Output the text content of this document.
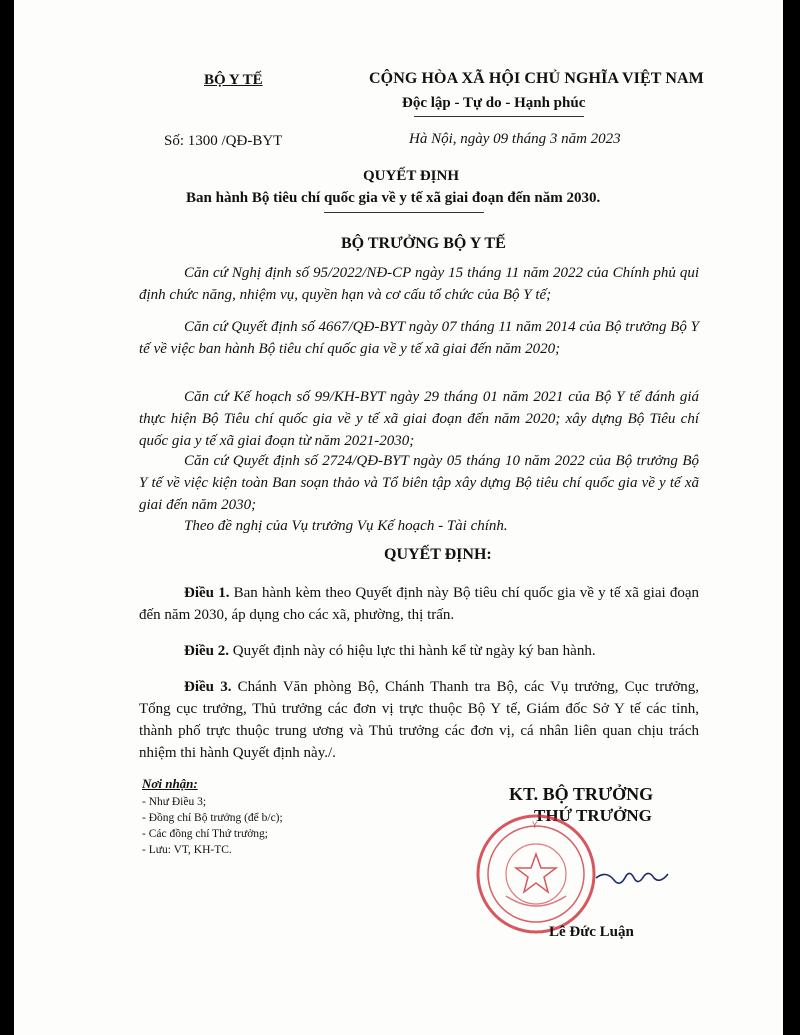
BỘ Y TẾ	CỘNG HÒA XÃ HỘI CHỦ NGHĨA VIỆT NAM
Độc lập - Tự do - Hạnh phúc
Số: 1300 /QĐ-BYT	Hà Nội, ngày 09 tháng 3 năm 2023
QUYẾT ĐỊNH
Ban hành Bộ tiêu chí quốc gia về y tế xã giai đoạn đến năm 2030.
BỘ TRƯỞNG BỘ Y TẾ
Căn cứ Nghị định số 95/2022/NĐ-CP ngày 15 tháng 11 năm 2022 của Chính phủ qui định chức năng, nhiệm vụ, quyền hạn và cơ cấu tổ chức của Bộ Y tế;
Căn cứ Quyết định số 4667/QĐ-BYT ngày 07 tháng 11 năm 2014 của Bộ trưởng Bộ Y tế về việc ban hành Bộ tiêu chí quốc gia về y tế xã giai đến năm 2020;
Căn cứ Kế hoạch số 99/KH-BYT ngày 29 tháng 01 năm 2021 của Bộ Y tế đánh giá thực hiện Bộ Tiêu chí quốc gia về y tế xã giai đoạn đến năm 2020; xây dựng Bộ Tiêu chí quốc gia y tế xã giai đoạn từ năm 2021-2030;
Căn cứ Quyết định số 2724/QĐ-BYT ngày 05 tháng 10 năm 2022 của Bộ trưởng Bộ Y tế về việc kiện toàn Ban soạn thảo và Tổ biên tập xây dựng Bộ tiêu chí quốc gia về y tế xã giai đến năm 2030;
Theo đề nghị của Vụ trưởng Vụ Kế hoạch - Tài chính.
QUYẾT ĐỊNH:
Điều 1. Ban hành kèm theo Quyết định này Bộ tiêu chí quốc gia về y tế xã giai đoạn đến năm 2030, áp dụng cho các xã, phường, thị trấn.
Điều 2. Quyết định này có hiệu lực thi hành kể từ ngày ký ban hành.
Điều 3. Chánh Văn phòng Bộ, Chánh Thanh tra Bộ, các Vụ trưởng, Cục trưởng, Tổng cục trưởng, Thủ trưởng các đơn vị trực thuộc Bộ Y tế, Giám đốc Sở Y tế các tỉnh, thành phố trực thuộc trung ương và Thủ trưởng các đơn vị, cá nhân liên quan chịu trách nhiệm thi hành Quyết định này./.
Nơi nhận:
- Như Điều 3;
- Đồng chí Bộ trưởng (để b/c);
- Các đồng chí Thứ trưởng;
- Lưu: VT, KH-TC.
KT. BỘ TRƯỞNG
THỨ TRƯỞNG
Y
Lê Đức Luận
